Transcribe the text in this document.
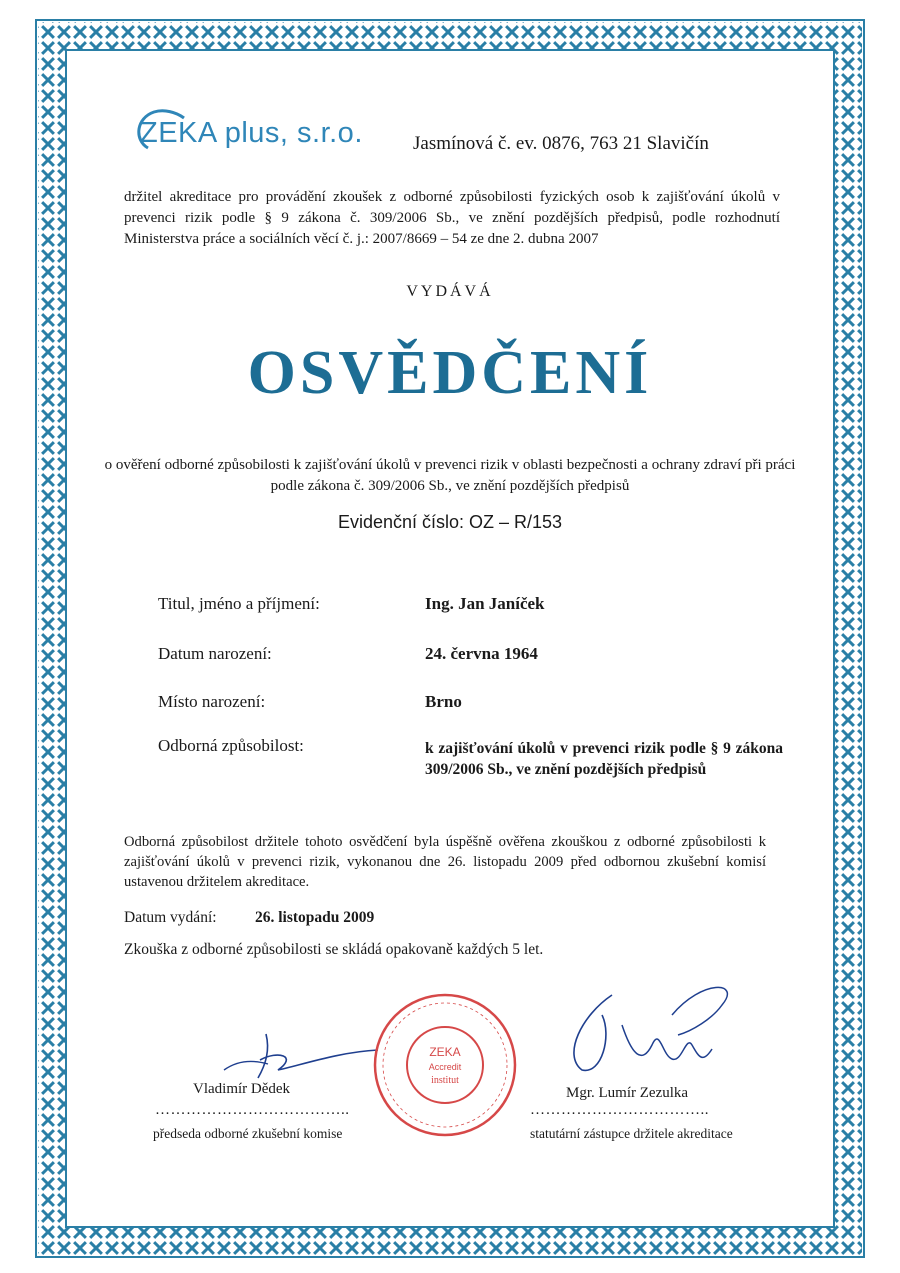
ZEKA plus, s.r.o.	Jasmínová č. ev. 0876, 763 21 Slavičín
držitel akreditace pro provádění zkoušek z odborné způsobilosti fyzických osob k zajišťování úkolů v prevenci rizik podle § 9 zákona č. 309/2006 Sb., ve znění pozdějších předpisů, podle rozhodnutí Ministerstva práce a sociálních věcí č. j.: 2007/8669 – 54 ze dne 2. dubna 2007
VYDÁVÁ
OSVĚDČENÍ
o ověření odborné způsobilosti k zajišťování úkolů v prevenci rizik v oblasti bezpečnosti a ochrany zdraví při práci podle zákona č. 309/2006 Sb., ve znění pozdějších předpisů
Evidenční číslo: OZ – R/153
Titul, jméno a příjmení:	Ing. Jan Janíček
Datum narození:	24. června 1964
Místo narození:	Brno
Odborná způsobilost:	k zajišťování úkolů v prevenci rizik podle § 9 zákona 309/2006 Sb., ve znění pozdějších předpisů
Odborná způsobilost držitele tohoto osvědčení byla úspěšně ověřena zkouškou z odborné způsobilosti k zajišťování úkolů v prevenci rizik, vykonanou dne 26. listopadu 2009 před odbornou zkušební komisí ustavenou držitelem akreditace.
Datum vydání: 26. listopadu 2009
Zkouška z odborné způsobilosti se skládá opakovaně každých 5 let.
Vladimír Dědek
………………………………..
předseda odborné zkušební komise
ZEKA
Accredit
institut
Mgr. Lumír Zezulka
……………………………..
statutární zástupce držitele akreditace
